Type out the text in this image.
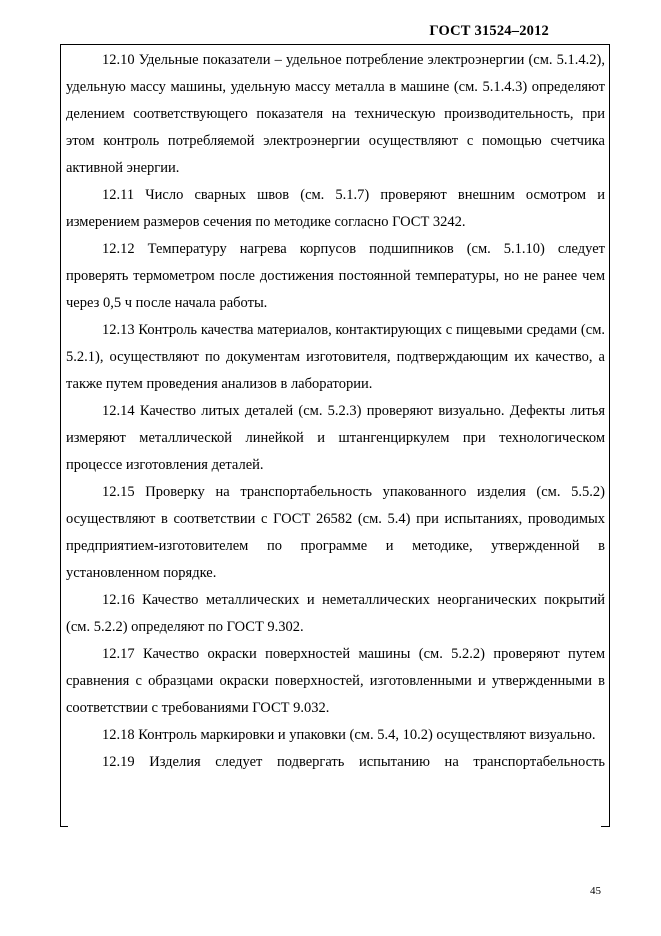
ГОСТ 31524–2012

12.10 Удельные показатели – удельное потребление электроэнергии (см. 5.1.4.2), удельную массу машины, удельную массу металла в машине (см. 5.1.4.3) определяют делением соответствующего показателя на техническую производительность, при этом контроль потребляемой электроэнергии осуществляют с помощью счетчика активной энергии.

12.11 Число сварных швов (см. 5.1.7) проверяют внешним осмотром и измерением размеров сечения по методике согласно ГОСТ 3242.

12.12 Температуру нагрева корпусов подшипников (см. 5.1.10) следует проверять термометром после достижения постоянной температуры, но не ранее чем через 0,5 ч после начала работы.

12.13 Контроль качества материалов, контактирующих с пищевыми средами (см. 5.2.1), осуществляют по документам изготовителя, подтверждающим их качество, а также путем проведения анализов в лаборатории.

12.14 Качество литых деталей (см. 5.2.3) проверяют визуально. Дефекты литья измеряют металлической линейкой и штангенциркулем при технологическом процессе изготовления деталей.

12.15 Проверку на транспортабельность упакованного изделия (см. 5.5.2) осуществляют в соответствии с ГОСТ 26582 (см. 5.4) при испытаниях, проводимых предприятием-изготовителем по программе и методике, утвержденной в установленном порядке.

12.16 Качество металлических и неметаллических неорганических покрытий (см. 5.2.2) определяют по ГОСТ 9.302.

12.17 Качество окраски поверхностей машины (см. 5.2.2) проверяют путем сравнения с образцами окраски поверхностей, изготовленными и утвержденными в соответствии с требованиями ГОСТ 9.032.

12.18 Контроль маркировки и упаковки (см. 5.4, 10.2) осуществляют визуально.

12.19 Изделия следует подвергать испытанию на транспортабельность

45
